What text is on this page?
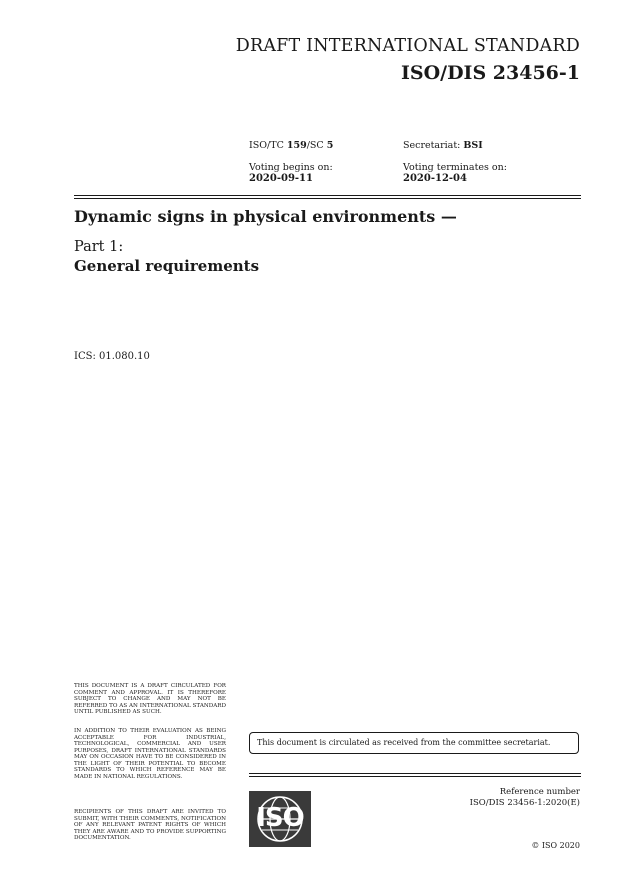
DRAFT INTERNATIONAL STANDARD
ISO/DIS 23456-1
ISO/TC 159/SC 5	Secretariat: BSI
Voting begins on:
2020-09-11
Voting terminates on:
2020-12-04
Dynamic signs in physical environments —
Part 1:
General requirements
ICS: 01.080.10
THIS DOCUMENT IS A DRAFT CIRCULATED FOR COMMENT AND APPROVAL. IT IS THEREFORE SUBJECT TO CHANGE AND MAY NOT BE REFERRED TO AS AN INTERNATIONAL STANDARD UNTIL PUBLISHED AS SUCH.
IN ADDITION TO THEIR EVALUATION AS BEING ACCEPTABLE FOR INDUSTRIAL, TECHNOLOGICAL, COMMERCIAL AND USER PURPOSES, DRAFT INTERNATIONAL STANDARDS MAY ON OCCASION HAVE TO BE CONSIDERED IN THE LIGHT OF THEIR POTENTIAL TO BECOME STANDARDS TO WHICH REFERENCE MAY BE MADE IN NATIONAL REGULATIONS.
RECIPIENTS OF THIS DRAFT ARE INVITED TO SUBMIT, WITH THEIR COMMENTS, NOTIFICATION OF ANY RELEVANT PATENT RIGHTS OF WHICH THEY ARE AWARE AND TO PROVIDE SUPPORTING DOCUMENTATION.
This document is circulated as received from the committee secretariat.
ISO
Reference number
ISO/DIS 23456-1:2020(E)
© ISO 2020
